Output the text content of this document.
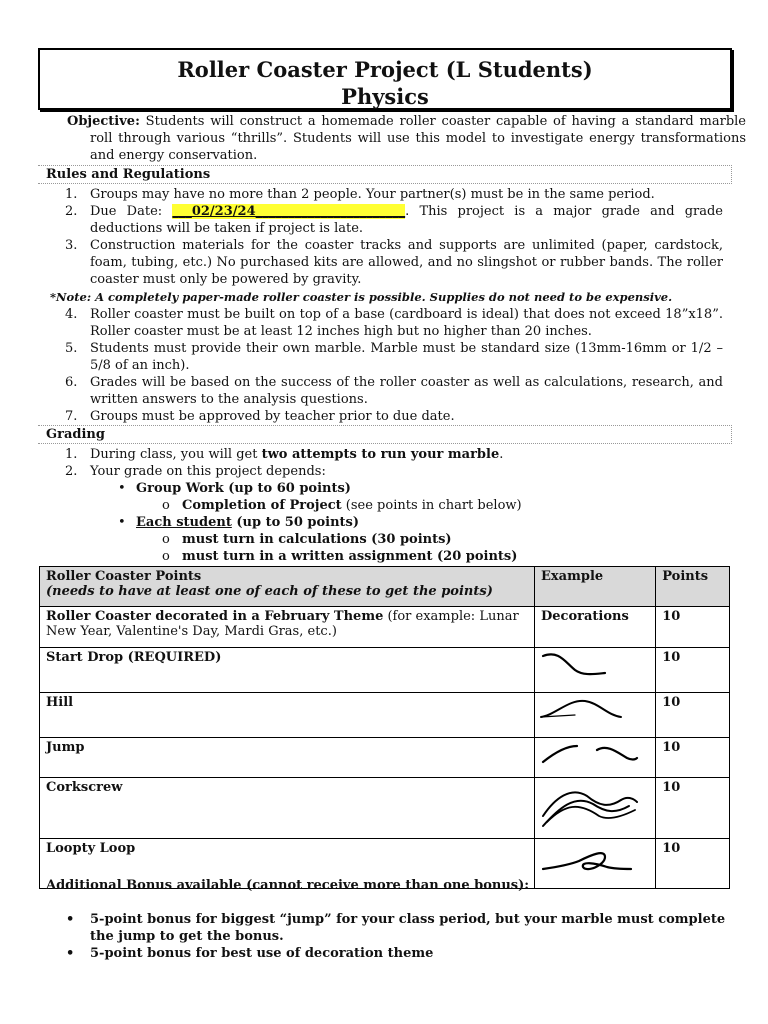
Roller Coaster Project (L Students)
Physics
Objective: Students will construct a homemade roller coaster capable of having a standard marble roll through various “thrills”. Students will use this model to investigate energy transformations and energy conservation.
Rules and Regulations
1. Groups may have no more than 2 people. Your partner(s) must be in the same period.
2. Due Date: ___02/23/24_______________________. This project is a major grade and grade deductions will be taken if project is late.
3. Construction materials for the coaster tracks and supports are unlimited (paper, cardstock, foam, tubing, etc.) No purchased kits are allowed, and no slingshot or rubber bands. The roller coaster must only be powered by gravity.
*Note: A completely paper-made roller coaster is possible. Supplies do not need to be expensive.
4. Roller coaster must be built on top of a base (cardboard is ideal) that does not exceed 18”x18”. Roller coaster must be at least 12 inches high but no higher than 20 inches.
5. Students must provide their own marble. Marble must be standard size (13mm-16mm or 1/2 – 5/8 of an inch).
6. Grades will be based on the success of the roller coaster as well as calculations, research, and written answers to the analysis questions.
7. Groups must be approved by teacher prior to due date.
Grading
1. During class, you will get two attempts to run your marble.
2. Your grade on this project depends:
• Group Work (up to 60 points)
o Completion of Project (see points in chart below)
• Each student (up to 50 points)
o must turn in calculations (30 points)
o must turn in a written assignment (20 points)
Roller Coaster Points
(needs to have at least one of each of these to get the points)	Example	Points
Roller Coaster decorated in a February Theme (for example: Lunar New Year, Valentine's Day, Mardi Gras, etc.)	Decorations	10
Start Drop (REQUIRED)		10
Hill		10
Jump		10
Corkscrew		10
Loopty Loop		10
Additional Bonus available (cannot receive more than one bonus):
•	5-point bonus for biggest “jump” for your class period, but your marble must complete the jump to get the bonus.
•	5-point bonus for best use of decoration theme
